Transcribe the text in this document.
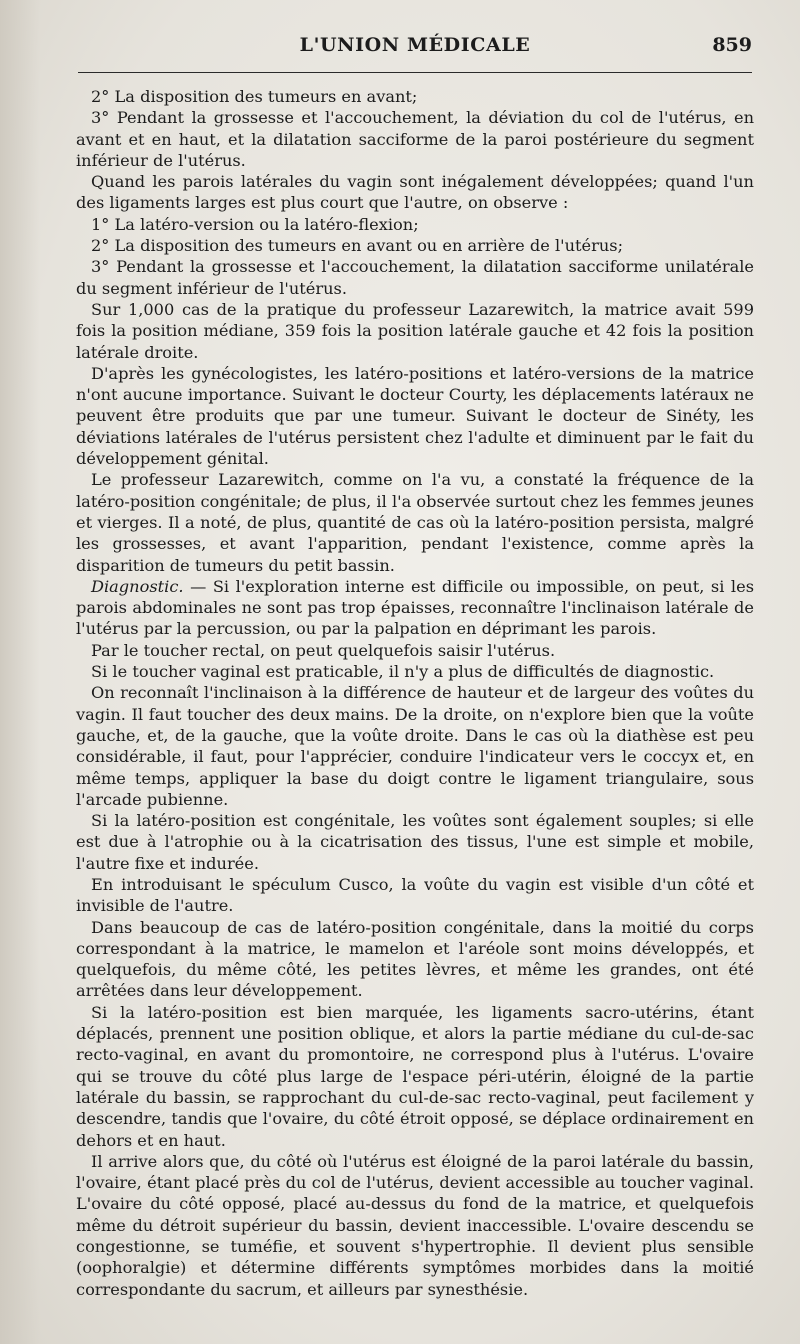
L'UNION MÉDICALE	859

2° La disposition des tumeurs en avant;

3° Pendant la grossesse et l'accouchement, la déviation du col de l'utérus, en avant et en haut, et la dilatation sacciforme de la paroi postérieure du segment inférieur de l'utérus.

Quand les parois latérales du vagin sont inégalement développées; quand l'un des ligaments larges est plus court que l'autre, on observe :

1° La latéro-version ou la latéro-flexion;

2° La disposition des tumeurs en avant ou en arrière de l'utérus;

3° Pendant la grossesse et l'accouchement, la dilatation sacciforme unilatérale du segment inférieur de l'utérus.

Sur 1,000 cas de la pratique du professeur Lazarewitch, la matrice avait 599 fois la position médiane, 359 fois la position latérale gauche et 42 fois la position latérale droite.

D'après les gynécologistes, les latéro-positions et latéro-versions de la matrice n'ont aucune importance. Suivant le docteur Courty, les déplacements latéraux ne peuvent être produits que par une tumeur. Suivant le docteur de Sinéty, les déviations latérales de l'utérus persistent chez l'adulte et diminuent par le fait du développement génital.

Le professeur Lazarewitch, comme on l'a vu, a constaté la fréquence de la latéro-position congénitale; de plus, il l'a observée surtout chez les femmes jeunes et vierges. Il a noté, de plus, quantité de cas où la latéro-position persista, malgré les grossesses, et avant l'apparition, pendant l'existence, comme après la disparition de tumeurs du petit bassin.

Diagnostic. — Si l'exploration interne est difficile ou impossible, on peut, si les parois abdominales ne sont pas trop épaisses, reconnaître l'inclinaison latérale de l'utérus par la percussion, ou par la palpation en déprimant les parois.

Par le toucher rectal, on peut quelquefois saisir l'utérus.

Si le toucher vaginal est praticable, il n'y a plus de difficultés de diagnostic.

On reconnaît l'inclinaison à la différence de hauteur et de largeur des voûtes du vagin. Il faut toucher des deux mains. De la droite, on n'explore bien que la voûte gauche, et, de la gauche, que la voûte droite. Dans le cas où la diathèse est peu considérable, il faut, pour l'apprécier, conduire l'indicateur vers le coccyx et, en même temps, appliquer la base du doigt contre le ligament triangulaire, sous l'arcade pubienne.

Si la latéro-position est congénitale, les voûtes sont également souples; si elle est due à l'atrophie ou à la cicatrisation des tissus, l'une est simple et mobile, l'autre fixe et indurée.

En introduisant le spéculum Cusco, la voûte du vagin est visible d'un côté et invisible de l'autre.

Dans beaucoup de cas de latéro-position congénitale, dans la moitié du corps correspondant à la matrice, le mamelon et l'aréole sont moins développés, et quelquefois, du même côté, les petites lèvres, et même les grandes, ont été arrêtées dans leur développement.

Si la latéro-position est bien marquée, les ligaments sacro-utérins, étant déplacés, prennent une position oblique, et alors la partie médiane du cul-de-sac recto-vaginal, en avant du promontoire, ne correspond plus à l'utérus. L'ovaire qui se trouve du côté plus large de l'espace péri-utérin, éloigné de la partie latérale du bassin, se rapprochant du cul-de-sac recto-vaginal, peut facilement y descendre, tandis que l'ovaire, du côté étroit opposé, se déplace ordinairement en dehors et en haut.

Il arrive alors que, du côté où l'utérus est éloigné de la paroi latérale du bassin, l'ovaire, étant placé près du col de l'utérus, devient accessible au toucher vaginal. L'ovaire du côté opposé, placé au-dessus du fond de la matrice, et quelquefois même du détroit supérieur du bassin, devient inaccessible. L'ovaire descendu se congestionne, se tuméfie, et souvent s'hypertrophie. Il devient plus sensible (oophoralgie) et détermine différents symptômes morbides dans la moitié correspondante du sacrum, et ailleurs par synesthésie.
